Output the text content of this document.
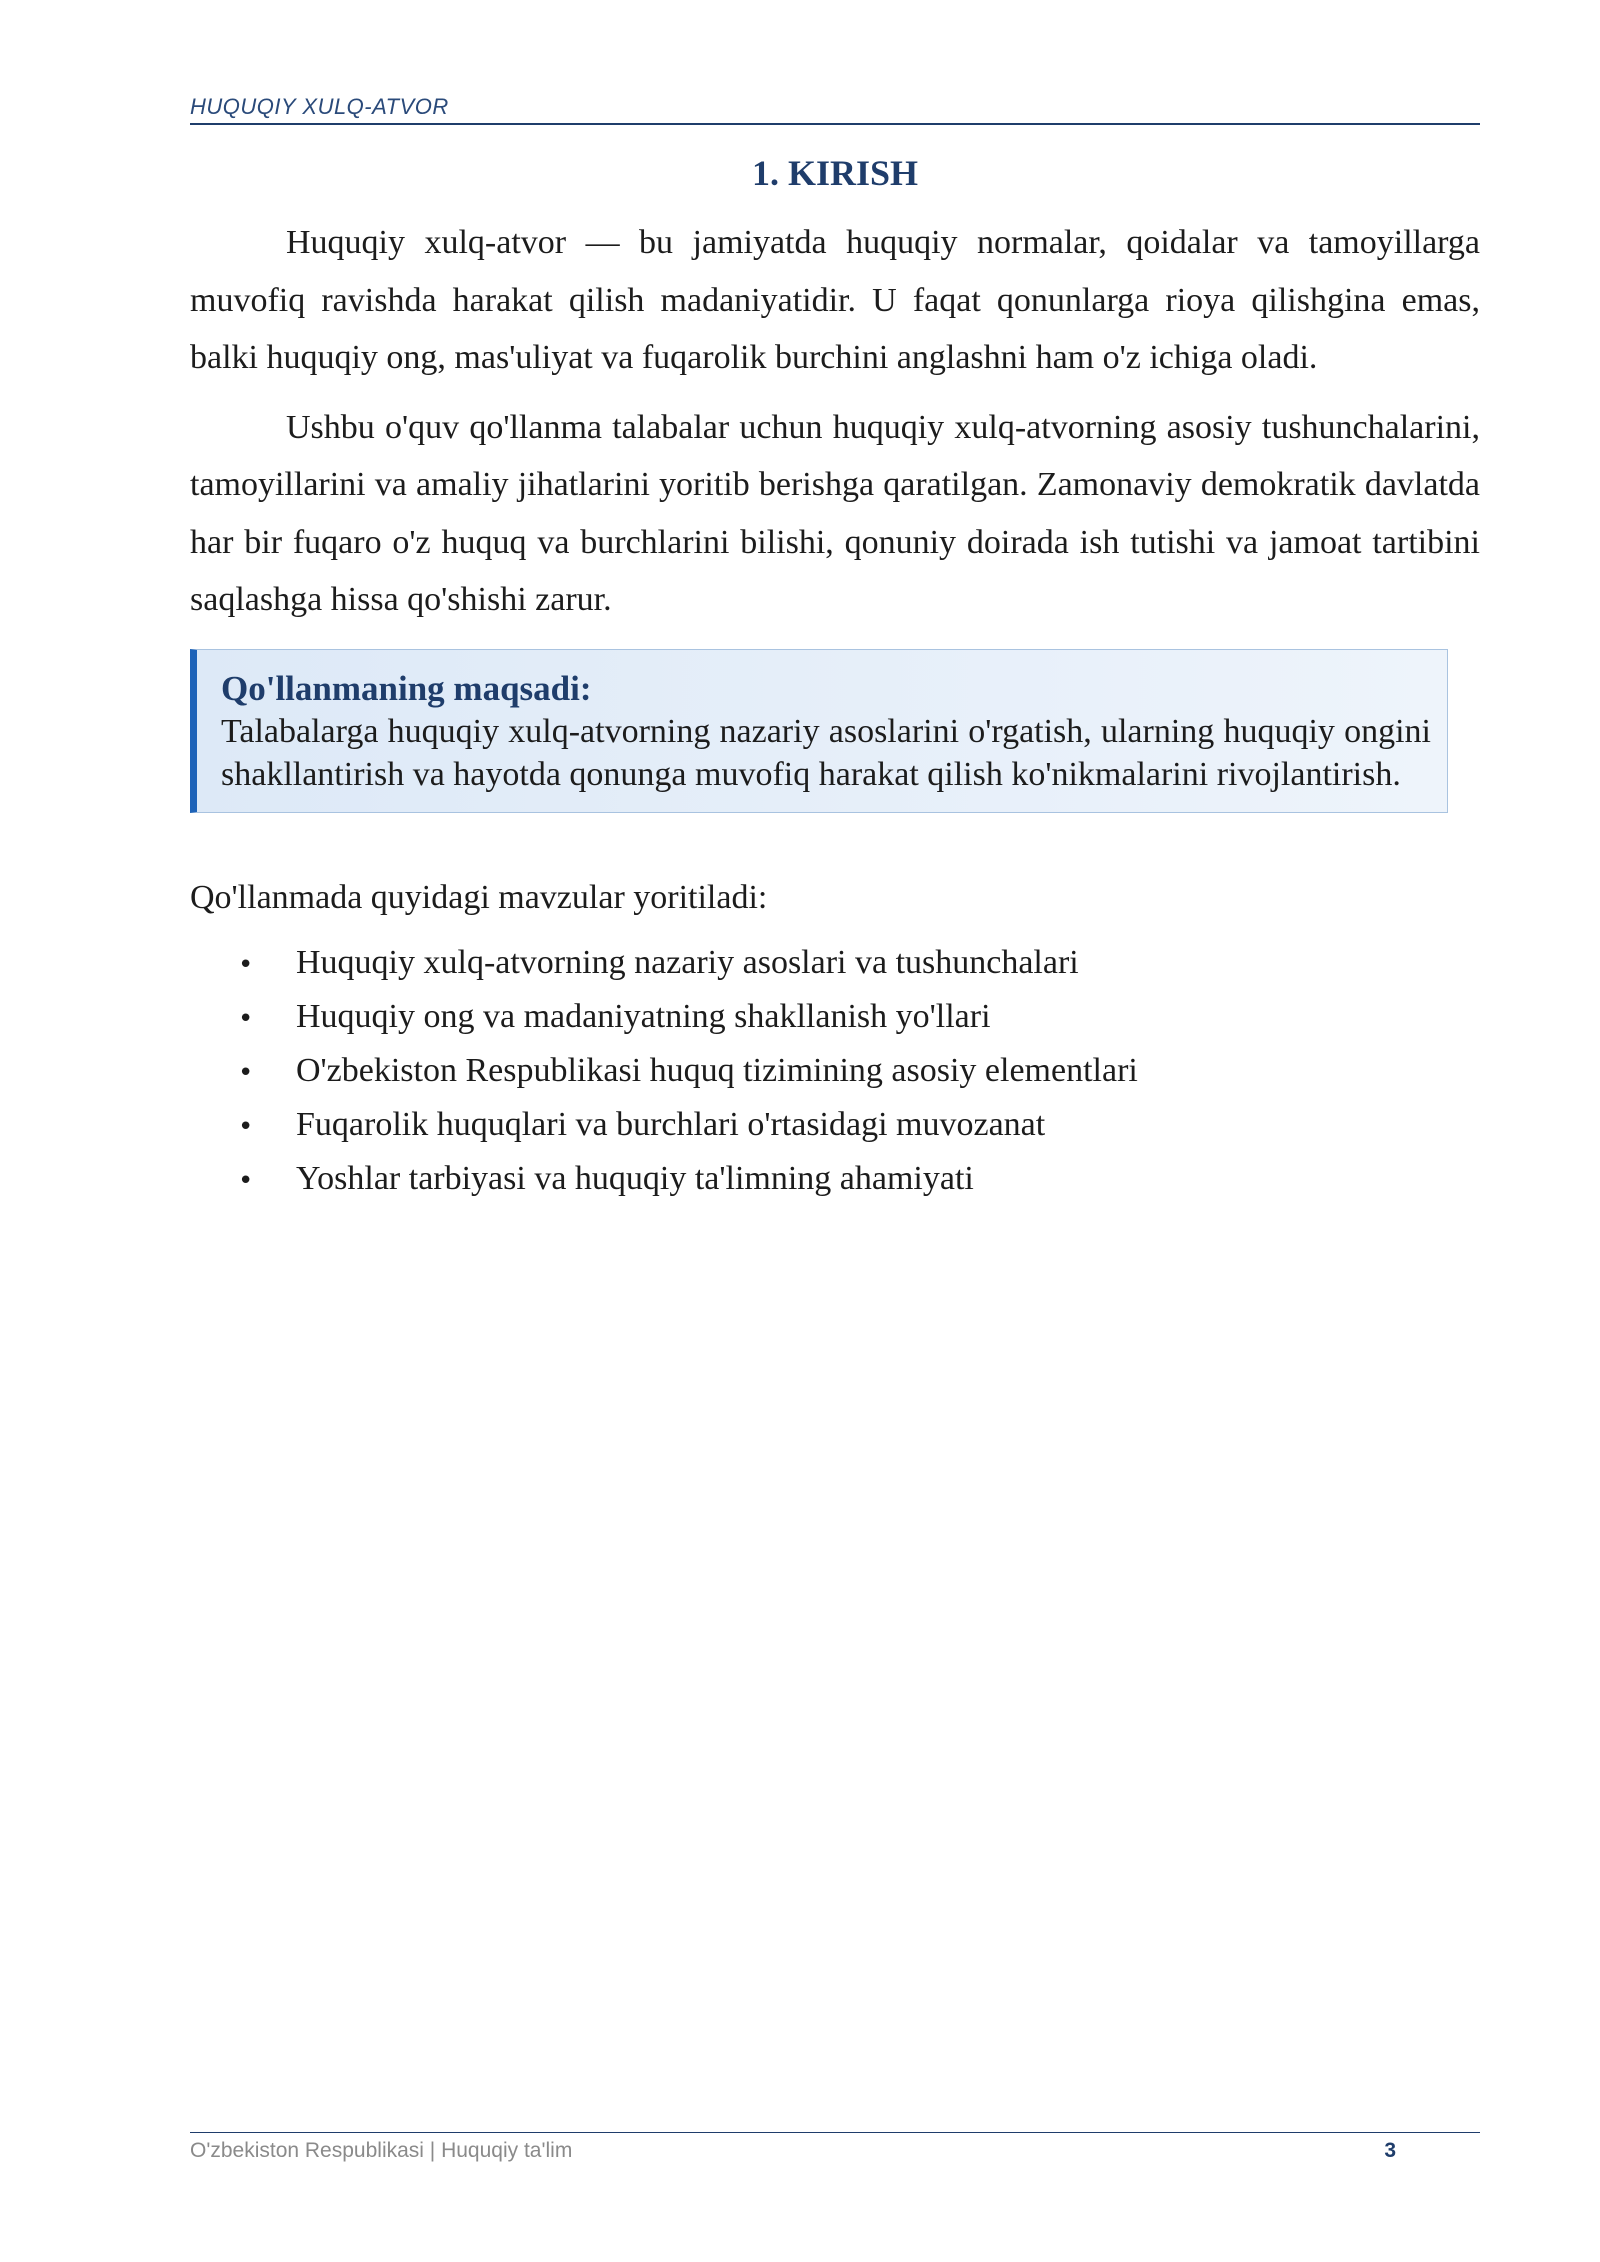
HUQUQIY XULQ-ATVOR
1. KIRISH

Huquqiy xulq-atvor — bu jamiyatda huquqiy normalar, qoidalar va tamoyillarga muvofiq ravishda harakat qilish madaniyatidir. U faqat qonunlarga rioya qilishgina emas, balki huquqiy ong, mas'uliyat va fuqarolik burchini anglashni ham o'z ichiga oladi.

Ushbu o'quv qo'llanma talabalar uchun huquqiy xulq-atvorning asosiy tushunchalarini, tamoyillarini va amaliy jihatlarini yoritib berishga qaratilgan. Zamonaviy demokratik davlatda har bir fuqaro o'z huquq va burchlarini bilishi, qonuniy doirada ish tutishi va jamoat tartibini saqlashga hissa qo'shishi zarur.

Qo'llanmaning maqsadi:
Talabalarga huquqiy xulq-atvorning nazariy asoslarini o'rgatish, ularning huquqiy ongini shakllantirish va hayotda qonunga muvofiq harakat qilish ko'nikmalarini rivojlantirish.

Qo'llanmada quyidagi mavzular yoritiladi:

•	Huquqiy xulq-atvorning nazariy asoslari va tushunchalari
•	Huquqiy ong va madaniyatning shakllanish yo'llari
•	O'zbekiston Respublikasi huquq tizimining asosiy elementlari
•	Fuqarolik huquqlari va burchlari o'rtasidagi muvozanat
•	Yoshlar tarbiyasi va huquqiy ta'limning ahamiyati
O'zbekiston Respublikasi | Huquqiy ta'lim	3
